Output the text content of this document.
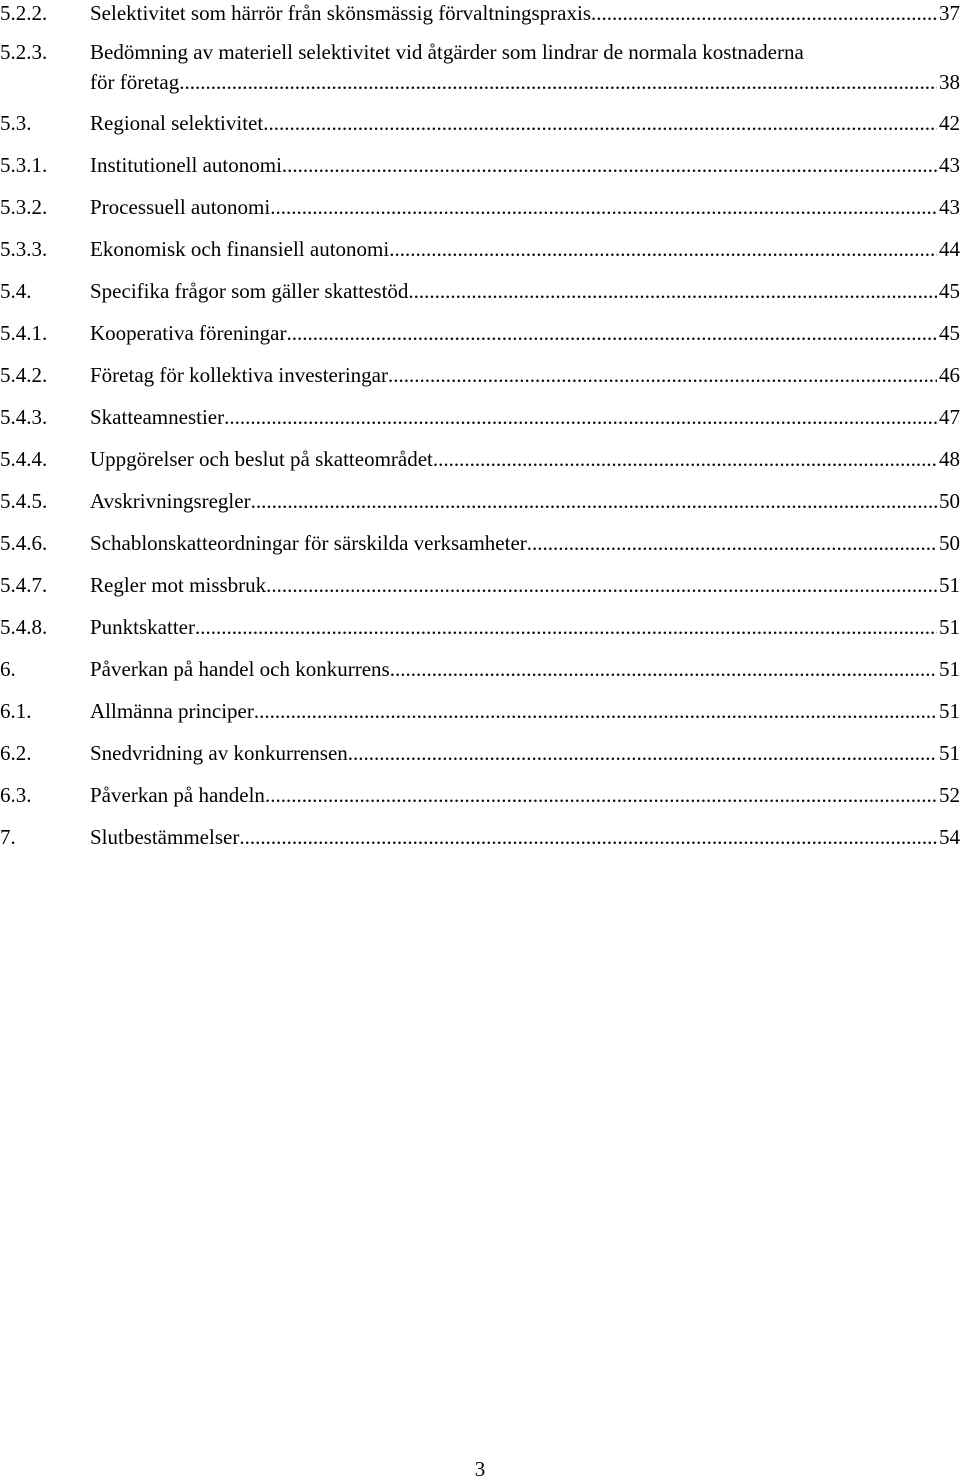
5.2.2. Selektivitet som härrör från skönsmässig förvaltningspraxis .....	37
5.2.3. Bedömning av materiell selektivitet vid åtgärder som lindrar de normala kostnaderna
för företag. .....	38
5.3.	Regional selektivitet .....	42
5.3.1. Institutionell autonomi .....	43
5.3.2. Processuell autonomi .....	43
5.3.3. Ekonomisk och finansiell autonomi .....	44
5.4.	Specifika frågor som gäller skattestöd .....	45
5.4.1. Kooperativa föreningar .....	45
5.4.2. Företag för kollektiva investeringar .....	46
5.4.3. Skatteamnestier .....	47
5.4.4. Uppgörelser och beslut på skatteområdet .....	48
5.4.5. Avskrivningsregler .....	50
5.4.6. Schablonskatteordningar för särskilda verksamheter .....	50
5.4.7. Regler mot missbruk .....	51
5.4.8. Punktskatter .....	51
6.	Påverkan på handel och konkurrens .....	51
6.1.	Allmänna principer .....	51
6.2.	Snedvridning av konkurrensen .....	51
6.3.	Påverkan på handeln .....	52
7.	Slutbestämmelser .....	54
3
